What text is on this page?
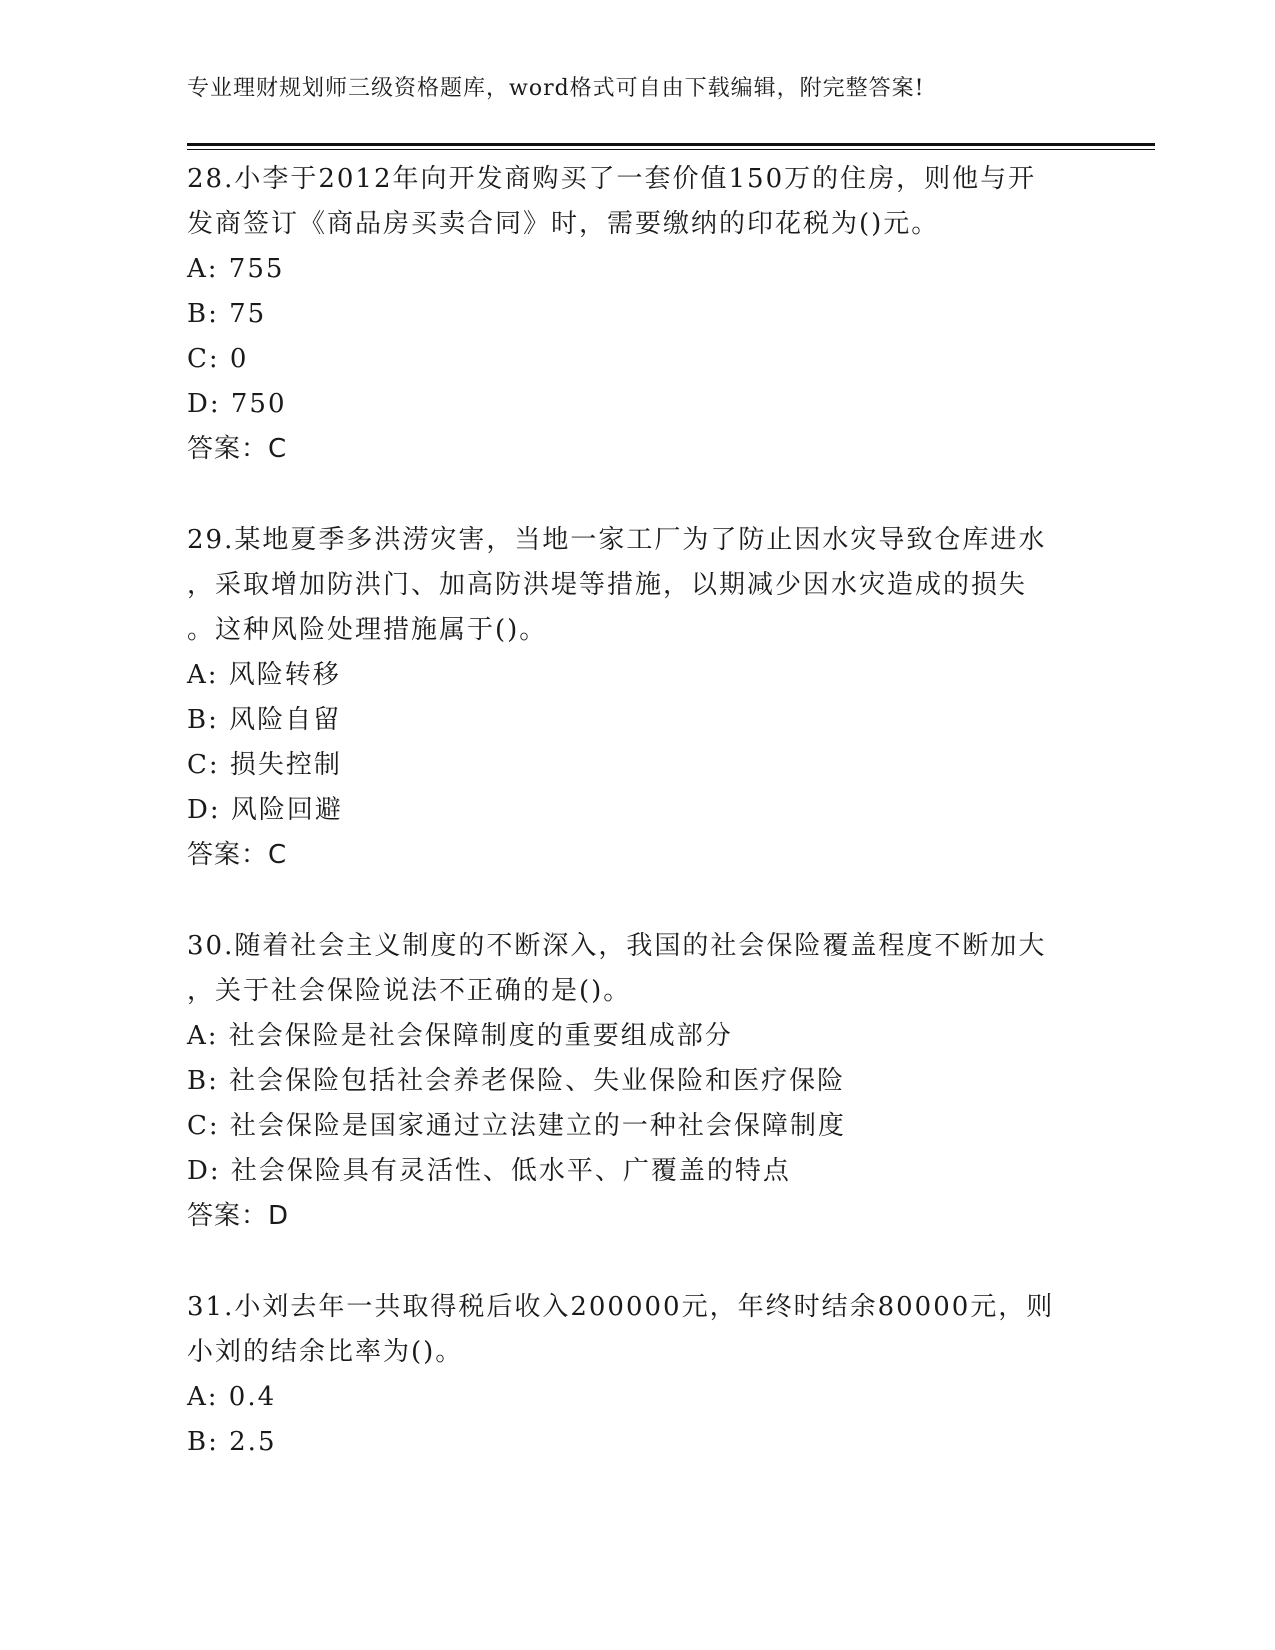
专业理财规划师三级资格题库，word格式可自由下载编辑，附完整答案!

28.小李于2012年向开发商购买了一套价值150万的住房，则他与开

发商签订《商品房买卖合同》时，需要缴纳的印花税为()元。

A: 755

B: 75

C: 0

D: 750

答案：C

29.某地夏季多洪涝灾害，当地一家工厂为了防止因水灾导致仓库进水

，采取增加防洪门、加高防洪堤等措施，以期减少因水灾造成的损失

。这种风险处理措施属于()。

A: 风险转移

B: 风险自留

C: 损失控制

D: 风险回避

答案：C

30.随着社会主义制度的不断深入，我国的社会保险覆盖程度不断加大

，关于社会保险说法不正确的是()。

A: 社会保险是社会保障制度的重要组成部分

B: 社会保险包括社会养老保险、失业保险和医疗保险

C: 社会保险是国家通过立法建立的一种社会保障制度

D: 社会保险具有灵活性、低水平、广覆盖的特点

答案：D

31.小刘去年一共取得税后收入200000元，年终时结余80000元，则

小刘的结余比率为()。

A: 0.4

B: 2.5
